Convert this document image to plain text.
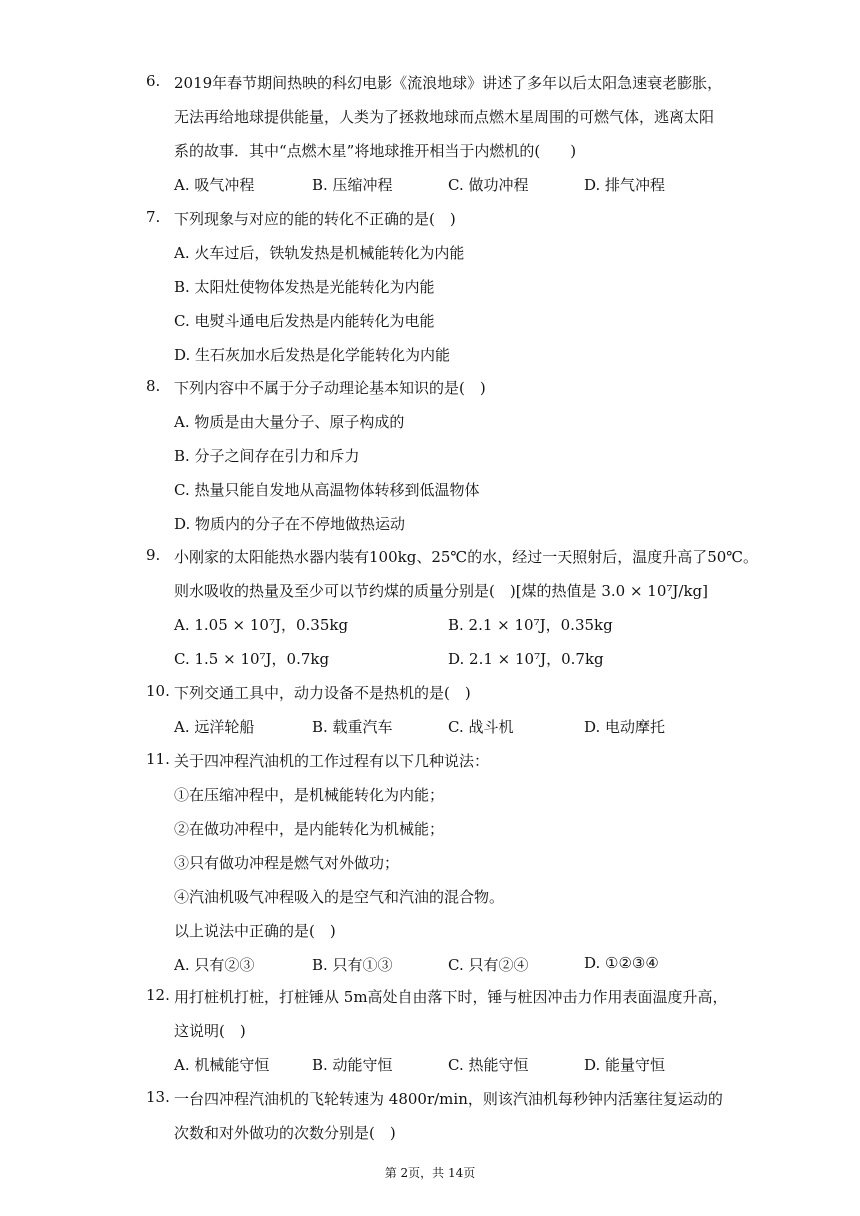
6. 2019年春节期间热映的科幻电影《流浪地球》讲述了多年以后太阳急速衰老膨胀，
无法再给地球提供能量，人类为了拯救地球而点燃木星周围的可燃气体，逃离太阳
系的故事．其中“点燃木星”将地球推开相当于内燃机的(　　)
A. 吸气冲程	B. 压缩冲程	C. 做功冲程	D. 排气冲程
7. 下列现象与对应的能的转化不正确的是(　)
A. 火车过后，铁轨发热是机械能转化为内能
B. 太阳灶使物体发热是光能转化为内能
C. 电熨斗通电后发热是内能转化为电能
D. 生石灰加水后发热是化学能转化为内能
8. 下列内容中不属于分子动理论基本知识的是(　)
A. 物质是由大量分子、原子构成的
B. 分子之间存在引力和斥力
C. 热量只能自发地从高温物体转移到低温物体
D. 物质内的分子在不停地做热运动
9. 小刚家的太阳能热水器内装有100kg、25℃的水，经过一天照射后，温度升高了50℃。
则水吸收的热量及至少可以节约煤的质量分别是(　)[煤的热值是 3.0 × 10⁷J/kg]
A. 1.05 × 10⁷J，0.35kg	B. 2.1 × 10⁷J，0.35kg
C. 1.5 × 10⁷J，0.7kg	D. 2.1 × 10⁷J，0.7kg
10. 下列交通工具中，动力设备不是热机的是(　)
A. 远洋轮船	B. 载重汽车	C. 战斗机	D. 电动摩托
11. 关于四冲程汽油机的工作过程有以下几种说法：
①在压缩冲程中，是机械能转化为内能；
②在做功冲程中，是内能转化为机械能；
③只有做功冲程是燃气对外做功；
④汽油机吸气冲程吸入的是空气和汽油的混合物。
以上说法中正确的是(　)
A. 只有②③	B. 只有①③	C. 只有②④	D. ①②③④
12. 用打桩机打桩，打桩锤从 5m高处自由落下时，锤与桩因冲击力作用表面温度升高，
这说明(　)
A. 机械能守恒	B. 动能守恒	C. 热能守恒	D. 能量守恒
13. 一台四冲程汽油机的飞轮转速为 4800r/min，则该汽油机每秒钟内活塞往复运动的
次数和对外做功的次数分别是(　)
第 2页，共 14页
